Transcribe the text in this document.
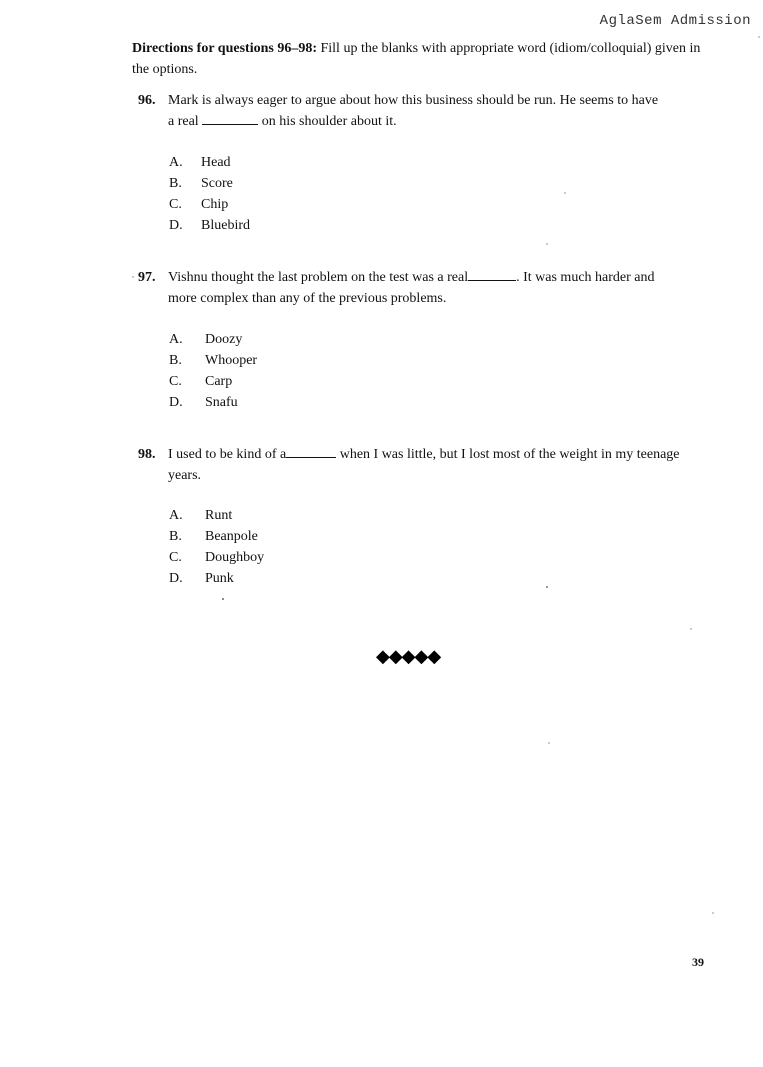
AglaSem Admission
Directions for questions 96–98: Fill up the blanks with appropriate word (idiom/colloquial) given in the options.
96. Mark is always eager to argue about how this business should be run. He seems to have
a real	on his shoulder about it.
A. Head
B. Score
C. Chip
D. Bluebird
97. Vishnu thought the last problem on the test was a real	. It was much harder and
more complex than any of the previous problems.
A. Doozy
B. Whooper
C. Carp
D. Snafu
98. I used to be kind of a	when I was little, but I lost most of the weight in my teenage
years.
A. Runt
B. Beanpole
C. Doughboy
D. Punk
◆◆◆◆◆
39
